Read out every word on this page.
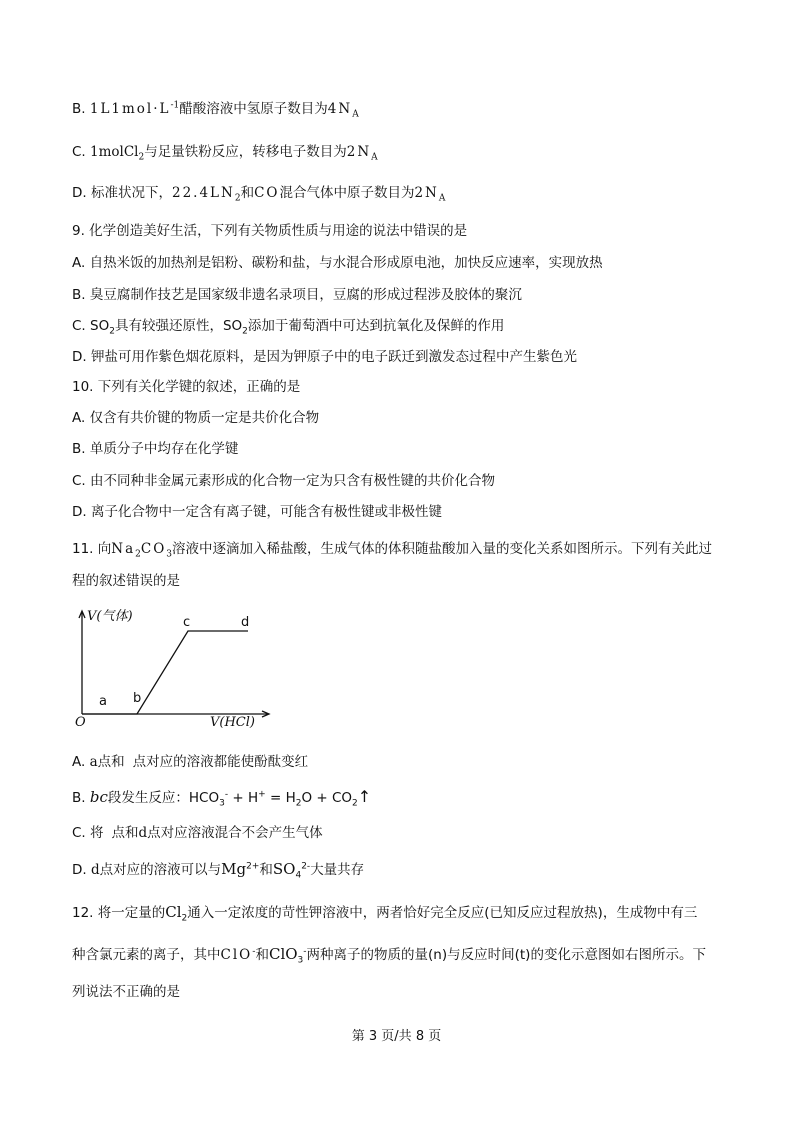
B. $1L1mol\cdot L^{-1}$醋酸溶液中氢原子数目为$4N_A$
C. 1molCl$_2$与足量铁粉反应，转移电子数目为$2N_A$
D. 标准状况下，$22.4LN_2$和CO混合气体中原子数目为$2N_A$
9. 化学创造美好生活，下列有关物质性质与用途的说法中错误的是
A. 自热米饭的加热剂是铝粉、碳粉和盐，与水混合形成原电池，加快反应速率，实现放热
B. 臭豆腐制作技艺是国家级非遗名录项目，豆腐的形成过程涉及胶体的聚沉
C. $SO_2$具有较强还原性，$SO_2$添加于葡萄酒中可达到抗氧化及保鲜的作用
D. 钾盐可用作紫色烟花原料，是因为钾原子中的电子跃迁到激发态过程中产生紫色光
10. 下列有关化学键的叙述，正确的是
A. 仅含有共价键的物质一定是共价化合物
B. 单质分子中均存在化学键
C. 由不同种非金属元素形成的化合物一定为只含有极性键的共价化合物
D. 离子化合物中一定含有离子键，可能含有极性键或非极性键
11. 向$Na_2CO_3$溶液中逐滴加入稀盐酸，生成气体的体积随盐酸加入量的变化关系如图所示。下列有关此过
程的叙述错误的是
V(气体)	c	d
a b
O	V(HCl)
A. a点和 点对应的溶液都能使酚酞变红
B. bc段发生反应：$HCO_3^- + H^+ = H_2O$ + $CO_2↑$
C. 将 点和d点对应溶液混合不会产生气体
D. d点对应的溶液可以与$Mg^{2+}$和$SO_4^{2-}$大量共存
12. 将一定量的$Cl_2$通入一定浓度的苛性钾溶液中，两者恰好完全反应(已知反应过程放热)，生成物中有三
种含氯元素的离子，其中ClO-和ClO$_3$-两种离子的物质的量(n)与反应时间(t)的变化示意图如右图所示。下
列说法不正确的是
第 3 页/共 8 页
